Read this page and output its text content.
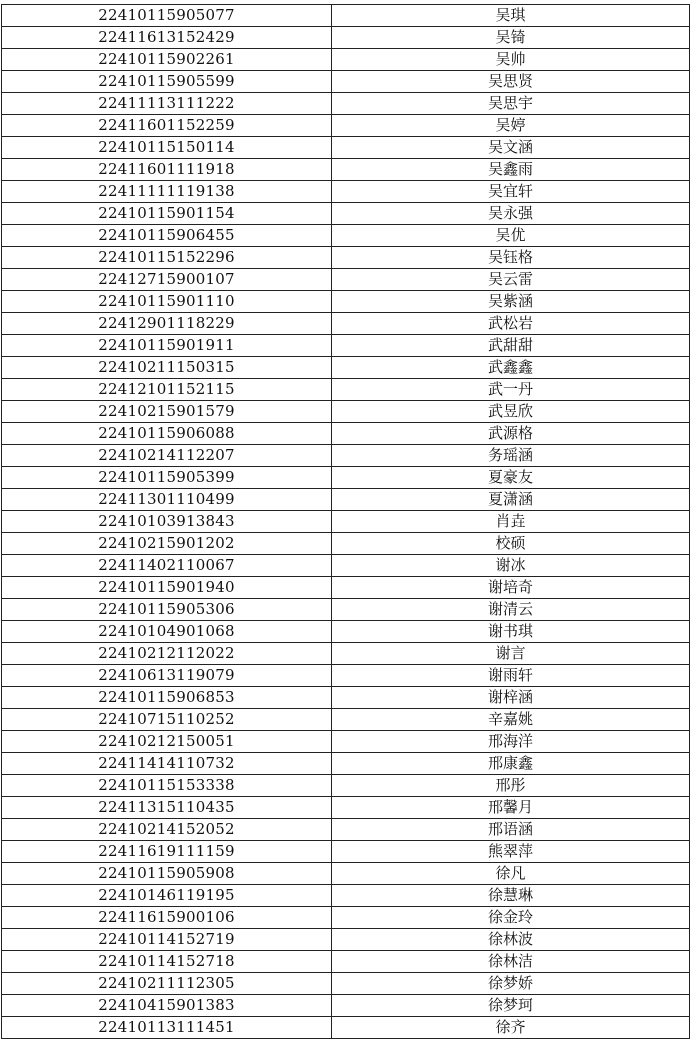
22410115905077	吴琪
22411613152429	吴锜
22410115902261	吴帅
22410115905599	吴思贤
22411113111222	吴思宇
22411601152259	吴婷
22410115150114	吴文涵
22411601111918	吴鑫雨
22411111119138	吴宜轩
22410115901154	吴永强
22410115906455	吴优
22410115152296	吴钰格
22412715900107	吴云雷
22410115901110	吴紫涵
22412901118229	武松岩
22410115901911	武甜甜
22410211150315	武鑫鑫
22412101152115	武一丹
22410215901579	武昱欣
22410115906088	武源格
22410214112207	务瑶涵
22410115905399	夏豪友
22411301110499	夏潇涵
22410103913843	肖垚
22410215901202	校硕
22411402110067	谢冰
22410115901940	谢培奇
22410115905306	谢清云
22410104901068	谢书琪
22410212112022	谢言
22410613119079	谢雨轩
22410115906853	谢梓涵
22410715110252	辛嘉姚
22410212150051	邢海洋
22411414110732	邢康鑫
22410115153338	邢彤
22411315110435	邢馨月
22410214152052	邢语涵
22411619111159	熊翠萍
22410115905908	徐凡
22410146119195	徐慧琳
22411615900106	徐金玲
22410114152719	徐林波
22410114152718	徐林洁
22410211112305	徐梦娇
22410415901383	徐梦珂
22410113111451	徐齐
